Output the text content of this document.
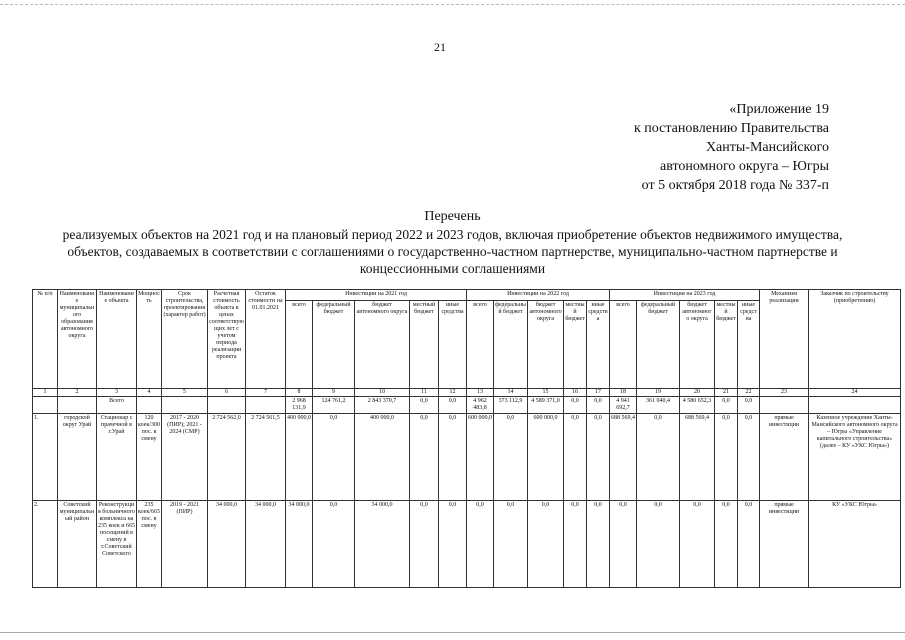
21
«Приложение 19
к постановлению Правительства
Ханты-Мансийского
автономного округа – Югры
от 5 октября 2018 года № 337-п
Перечень
реализуемых объектов на 2021 год и на плановый период 2022 и 2023 годов, включая приобретение объектов недвижимого имущества, объектов, создаваемых в соответствии с соглашениями о государственно-частном партнерстве, муниципально-частном партнерстве и концессионными соглашениями
№ п/п	Наименование муниципального образования автономного округа	Наименование объекта	Мощность	Срок строительства, проектирования (характер работ)	Расчетная стоимость объекта в ценах соответствующих лет с учетом периода реализации проекта	Остаток стоимости на 01.01.2021	Инвестиции на 2021 год					Инвестиции на 2022 год					Инвестиции на 2023 год					Механизм реализации	Заказчик по строительству (приобретению)
							всего	федеральный бюджет	бюджет автономного округа	местный бюджет	иные средства	всего	федеральный бюджет	бюджет автономного округа	местный бюджет	иные средства	всего	федеральный бюджет	бюджет автономного округа	местный бюджет	иные средства		
1	2	3	4	5	6	7	8	9	10	11	12	13	14	15	16	17	18	19	20	21	22	23	24
		Всего					2 968 131,9	124 761,2	2 843 370,7	0,0	0,0	4 962 483,8	373 112,9	4 589 371,0	0,0	0,0	4 941 692,7	361 040,4	4 580 652,3	0,0	0,0		
1.	городской округ Урай	Стационар с прачечной в г.Урай	120 коек/300 пос. в смену	2017 - 2020 (ПИР); 2021 - 2024 (СМР)	2 724 562,0	2 724 561,5	400 000,0	0,0	400 000,0	0,0	0,0	600 000,0	0,0	600 000,0	0,0	0,0	688 569,4	0,0	688 569,4	0,0	0,0	прямые инвестиции	Казенное учреждение Ханты-Мансийского автономного округа – Югры «Управление капитального строительства» (далее – КУ «УКС Югры»)
2.	Советский муниципальный район	Реконструкция больничного комплекса на 235 коек и 665 посещений в смену в г.Советский Советского	235 коек/665 пос. в смену	2019 - 2021 (ПИР)	34 000,0	34 000,0	34 000,0	0,0	34 000,0	0,0	0,0	0,0	0,0	0,0	0,0	0,0	0,0	0,0	0,0	0,0	0,0	прямые инвестиции	КУ «УКС Югры»
